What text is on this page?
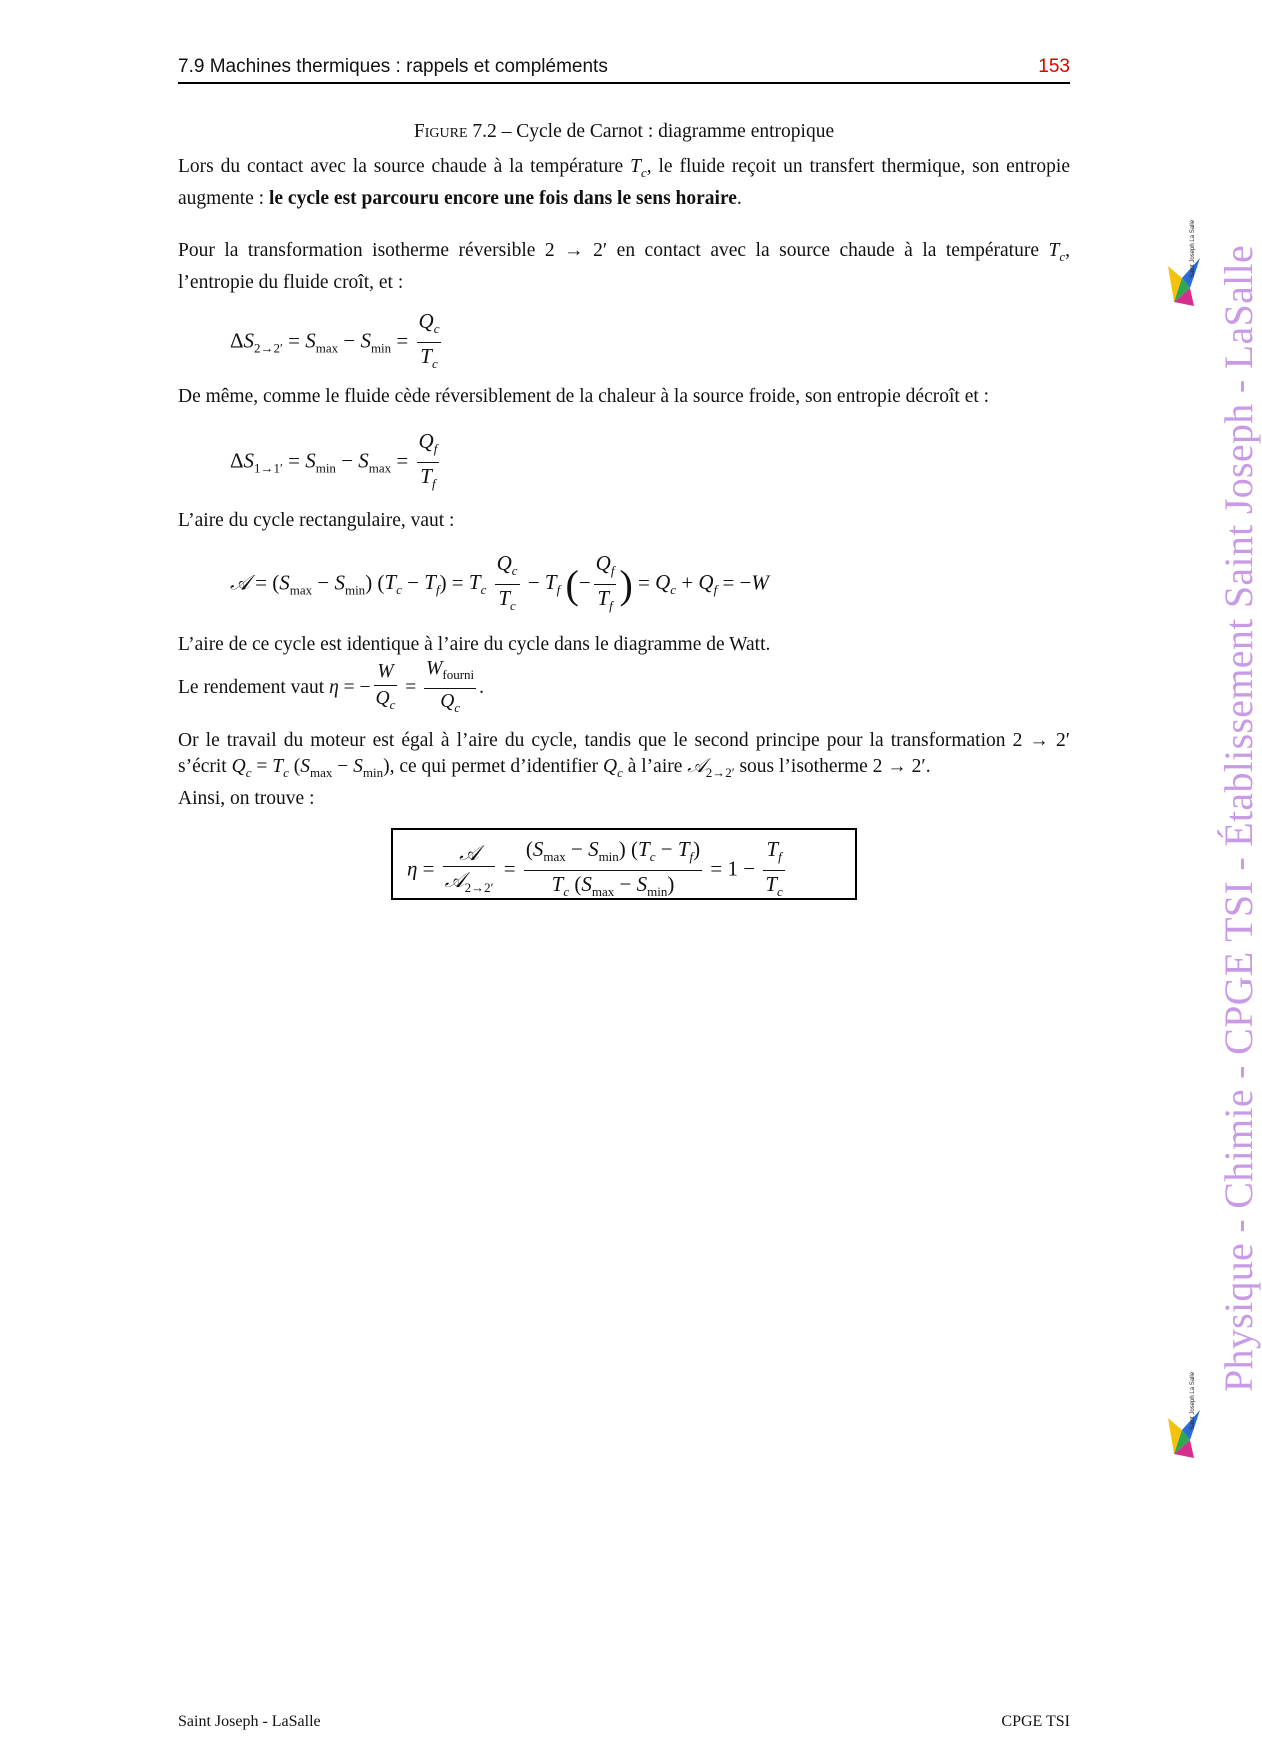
7.9 Machines thermiques : rappels et compléments	153
Figure 7.2 – Cycle de Carnot : diagramme entropique
Lors du contact avec la source chaude à la température $T_c$, le fluide reçoit un transfert thermique, son entropie augmente : le cycle est parcouru encore une fois dans le sens horaire.
Pour la transformation isotherme réversible 2 → 2′ en contact avec la source chaude à la température $T_c$, l’entropie du fluide croît, et :
$\Delta S_{2\to 2'} = S_{max} - S_{min} = \frac{Q_c}{T_c}$
De même, comme le fluide cède réversiblement de la chaleur à la source froide, son entropie décroît et :
$\Delta S_{1\to 1'} = S_{min} - S_{max} = \frac{Q_f}{T_f}$
L’aire du cycle rectangulaire, vaut :
𝒜 = $(S_{max} - S_{min}) (T_c - T_f) = T_c \frac{Q_c}{T_c} - T_f$ (− $\frac{Q_f}{T_f}$ ) = $Q_c + Q_f = -W$
L’aire de ce cycle est identique à l’aire du cycle dans le diagramme de Watt.
Le rendement vaut η = − $\frac{W}{Q_c} = \frac{W_{fourni}}{Q_c}$ .
Or le travail du moteur est égal à l’aire du cycle, tandis que le second principe pour la transformation 2 → 2′ s’écrit $Q_c = T_c$ $(S_{max} - S_{min})$, ce qui permet d’identifier $Q_c$ à l’aire 𝒜$_{2\to 2'}$ sous l’isotherme 2 → 2′.
Ainsi, on trouve :
$\eta = \frac{\text{𝒜}}{𝒜_{2\to 2'}} = \frac{(S_{max} - S_{min}) (T_c - T_f)}{T_c (S_{max} - S_{min})} = 1 - \frac{T_f}{T_c}$	Physique - Chimie - CPGE TSI - Établissement Saint Joseph - LaSalle
Saint Joseph La Salle
Saint Joseph La Salle
Saint Joseph - LaSalle	CPGE TSI
